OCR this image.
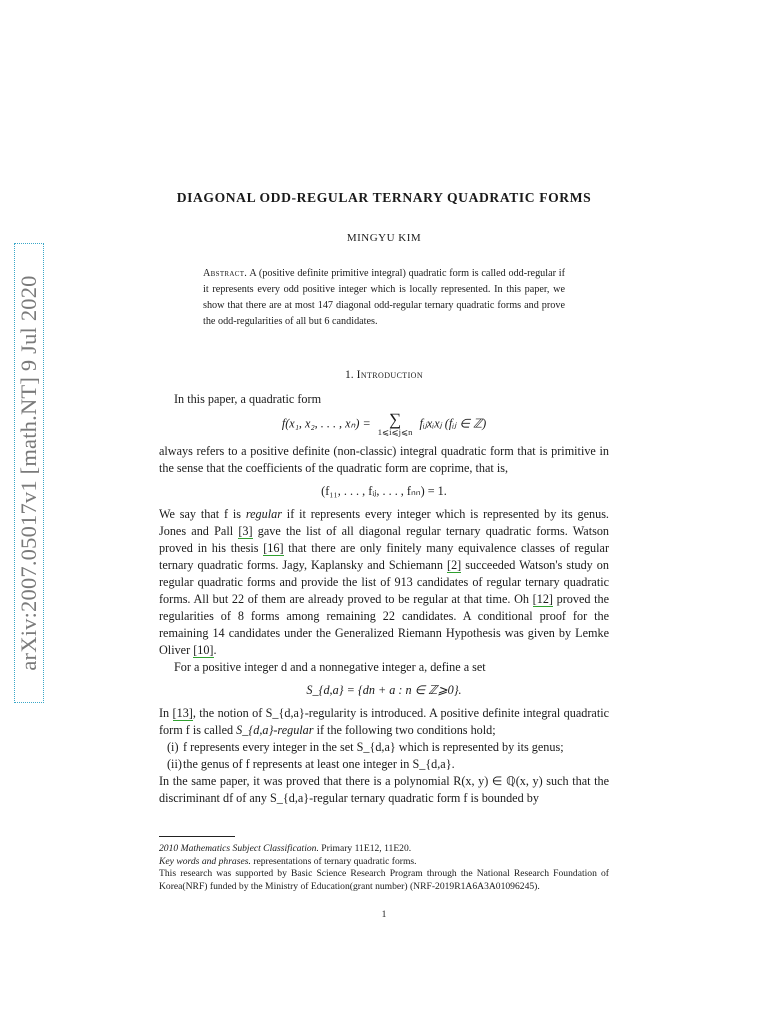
arXiv:2007.05017v1 [math.NT] 9 Jul 2020
DIAGONAL ODD-REGULAR TERNARY QUADRATIC FORMS
MINGYU KIM
Abstract. A (positive definite primitive integral) quadratic form is called odd-regular if it represents every odd positive integer which is locally represented. In this paper, we show that there are at most 147 diagonal odd-regular ternary quadratic forms and prove the odd-regularities of all but 6 candidates.
1. Introduction

In this paper, a quadratic form

f(x₁, x₂, . . . , xₙ) =	∑
1⩽i⩽j⩽n
fᵢⱼxᵢxⱼ (fᵢⱼ ∈ ℤ)

always refers to a positive definite (non-classic) integral quadratic form that is primitive in the sense that the coefficients of the quadratic form are coprime, that is,

(f₁₁, . . . , fᵢⱼ, . . . , fₙₙ) = 1.

We say that f is regular if it represents every integer which is represented by its genus. Jones and Pall [3] gave the list of all diagonal regular ternary quadratic forms. Watson proved in his thesis [16] that there are only finitely many equivalence classes of regular ternary quadratic forms. Jagy, Kaplansky and Schiemann [2] succeeded Watson's study on regular quadratic forms and provide the list of 913 candidates of regular ternary quadratic forms. All but 22 of them are already proved to be regular at that time. Oh [12] proved the regularities of 8 forms among remaining 22 candidates. A conditional proof for the remaining 14 candidates under the Generalized Riemann Hypothesis was given by Lemke Oliver [10].

For a positive integer d and a nonnegative integer a, define a set

S_{d,a} = {dn + a : n ∈ ℤ⩾0}.

In [13], the notion of S_{d,a}-regularity is introduced. A positive definite integral quadratic form f is called S_{d,a}-regular if the following two conditions hold;

(i) f represents every integer in the set S_{d,a} which is represented by its genus;
(ii) the genus of f represents at least one integer in S_{d,a}.

In the same paper, it was proved that there is a polynomial R(x, y) ∈ ℚ(x, y) such that the discriminant df of any S_{d,a}-regular ternary quadratic form f is bounded by

2010 Mathematics Subject Classification. Primary 11E12, 11E20.

Key words and phrases. representations of ternary quadratic forms.

This research was supported by Basic Science Research Program through the National Research Foundation of Korea(NRF) funded by the Ministry of Education(grant number) (NRF-2019R1A6A3A01096245).

1
